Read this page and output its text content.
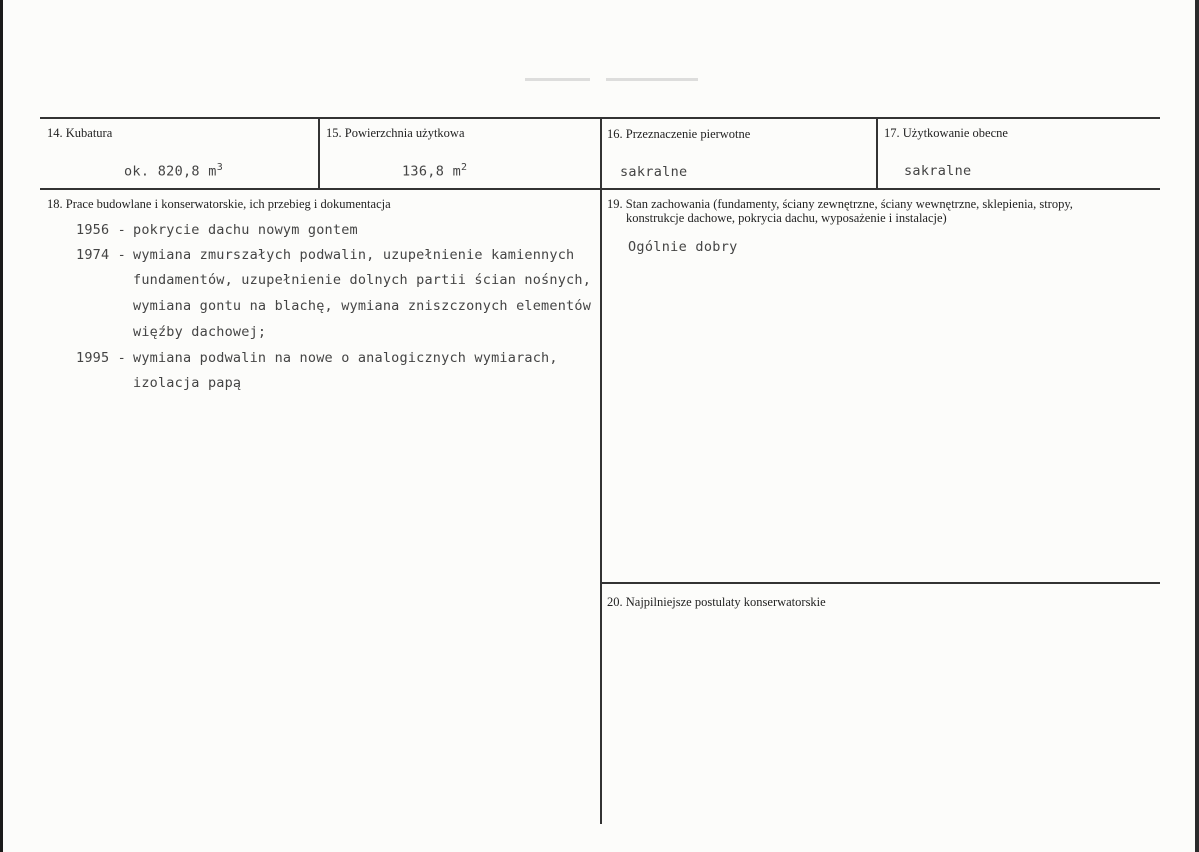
14. Kubatura
ok. 820,8 $m^3$
15. Powierzchnia użytkowa
136,8 $m^2$
16. Przeznaczenie pierwotne
sakralne
17. Użytkowanie obecne
sakralne
18. Prace budowlane i konserwatorskie, ich przebieg i dokumentacja
1956 - pokrycie dachu nowym gontem
1974 - wymiana zmurszałych podwalin, uzupełnienie kamiennych
fundamentów, uzupełnienie dolnych partii ścian nośnych,
wymiana gontu na blachę, wymiana zniszczonych elementów
więźby dachowej;
1995 - wymiana podwalin na nowe o analogicznych wymiarach,
izolacja papą
19. Stan zachowania (fundamenty, ściany zewnętrzne, ściany wewnętrzne, sklepienia, stropy,
konstrukcje dachowe, pokrycia dachu, wyposażenie i instalacje)
Ogólnie dobry
20. Najpilniejsze postulaty konserwatorskie
